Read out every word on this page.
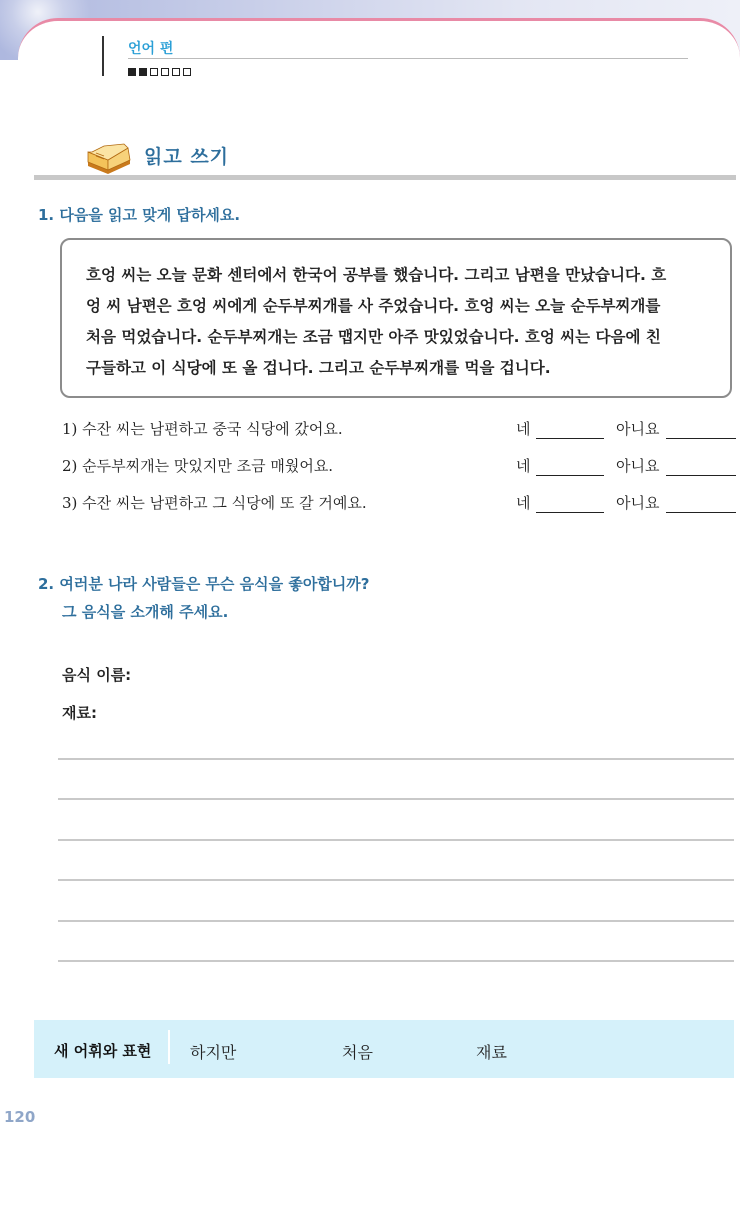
언어 편
읽고 쓰기
1. 다음을 읽고 맞게 답하세요.

흐엉 씨는 오늘 문화 센터에서 한국어 공부를 했습니다. 그리고 남편을 만났습니다. 흐

엉 씨 남편은 흐엉 씨에게 순두부찌개를 사 주었습니다. 흐엉 씨는 오늘 순두부찌개를

처음 먹었습니다. 순두부찌개는 조금 맵지만 아주 맛있었습니다. 흐엉 씨는 다음에 친

구들하고 이 식당에 또 올 겁니다. 그리고 순두부찌개를 먹을 겁니다.

1) 수잔 씨는 남편하고 중국 식당에 갔어요.	네	아니요
2) 순두부찌개는 맛있지만 조금 매웠어요.	네	아니요
3) 수잔 씨는 남편하고 그 식당에 또 갈 거예요.	네	아니요
2. 여러분 나라 사람들은 무슨 음식을 좋아합니까?
그 음식을 소개해 주세요.
음식 이름:
재료:
새 어휘와 표현 하지만	처음	재료
120
